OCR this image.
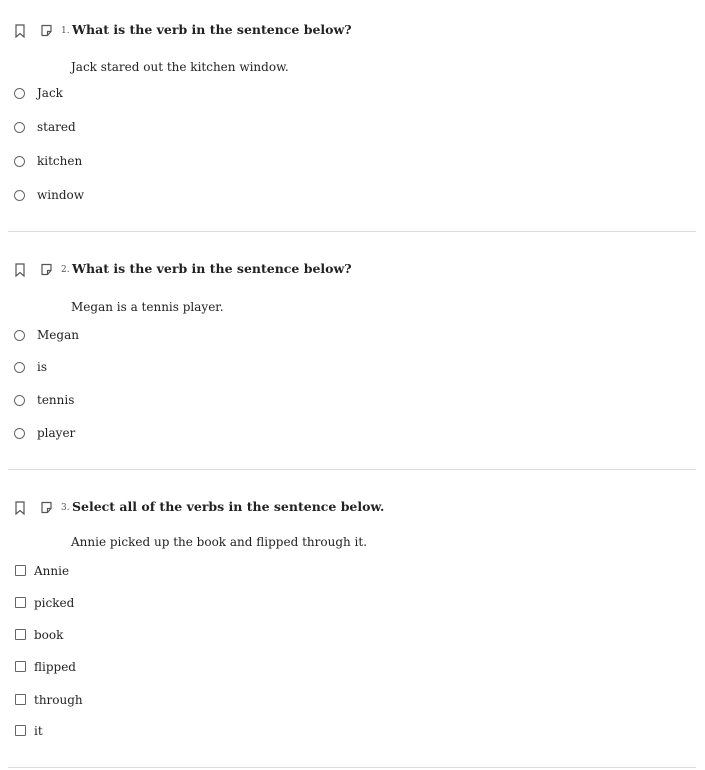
1. What is the verb in the sentence below?
Jack stared out the kitchen window.
Jack
stared
kitchen
window
2. What is the verb in the sentence below?
Megan is a tennis player.
Megan
is
tennis
player
3. Select all of the verbs in the sentence below.
Annie picked up the book and flipped through it.
Annie
picked
book
flipped
through
it
